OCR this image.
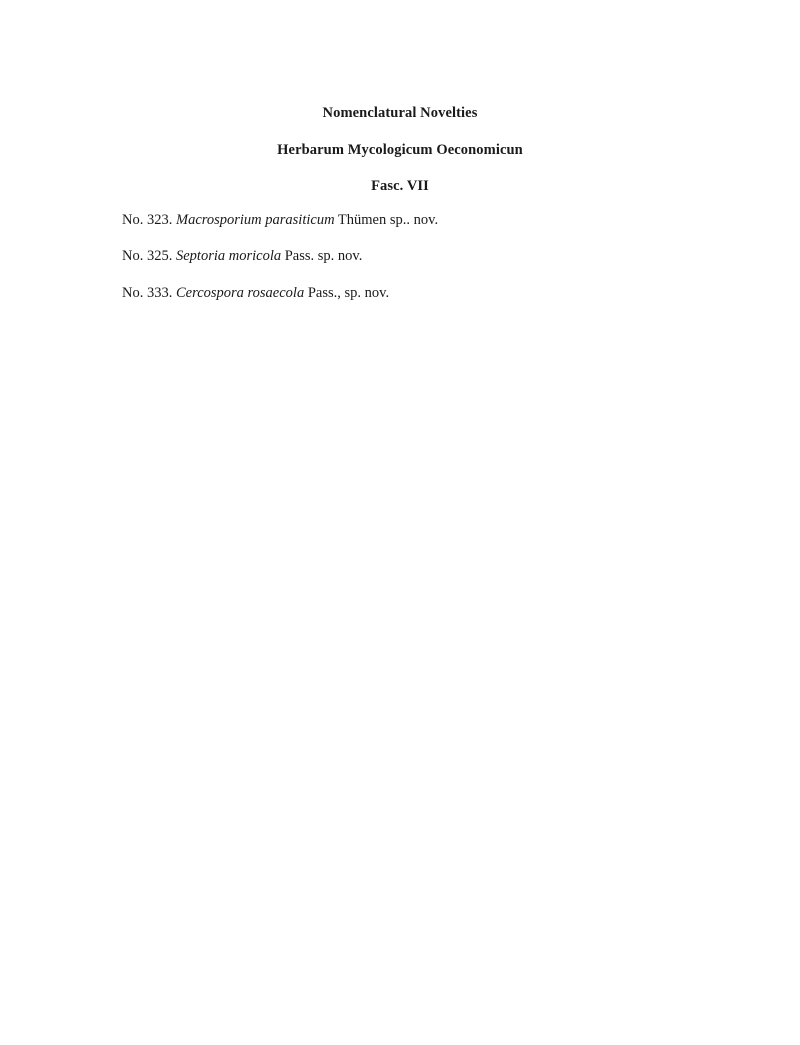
Nomenclatural Novelties
Herbarum Mycologicum Oeconomicun
Fasc. VII
No. 323. Macrosporium parasiticum Thümen sp.. nov.
No. 325. Septoria moricola Pass. sp. nov.
No. 333. Cercospora rosaecola Pass., sp. nov.
